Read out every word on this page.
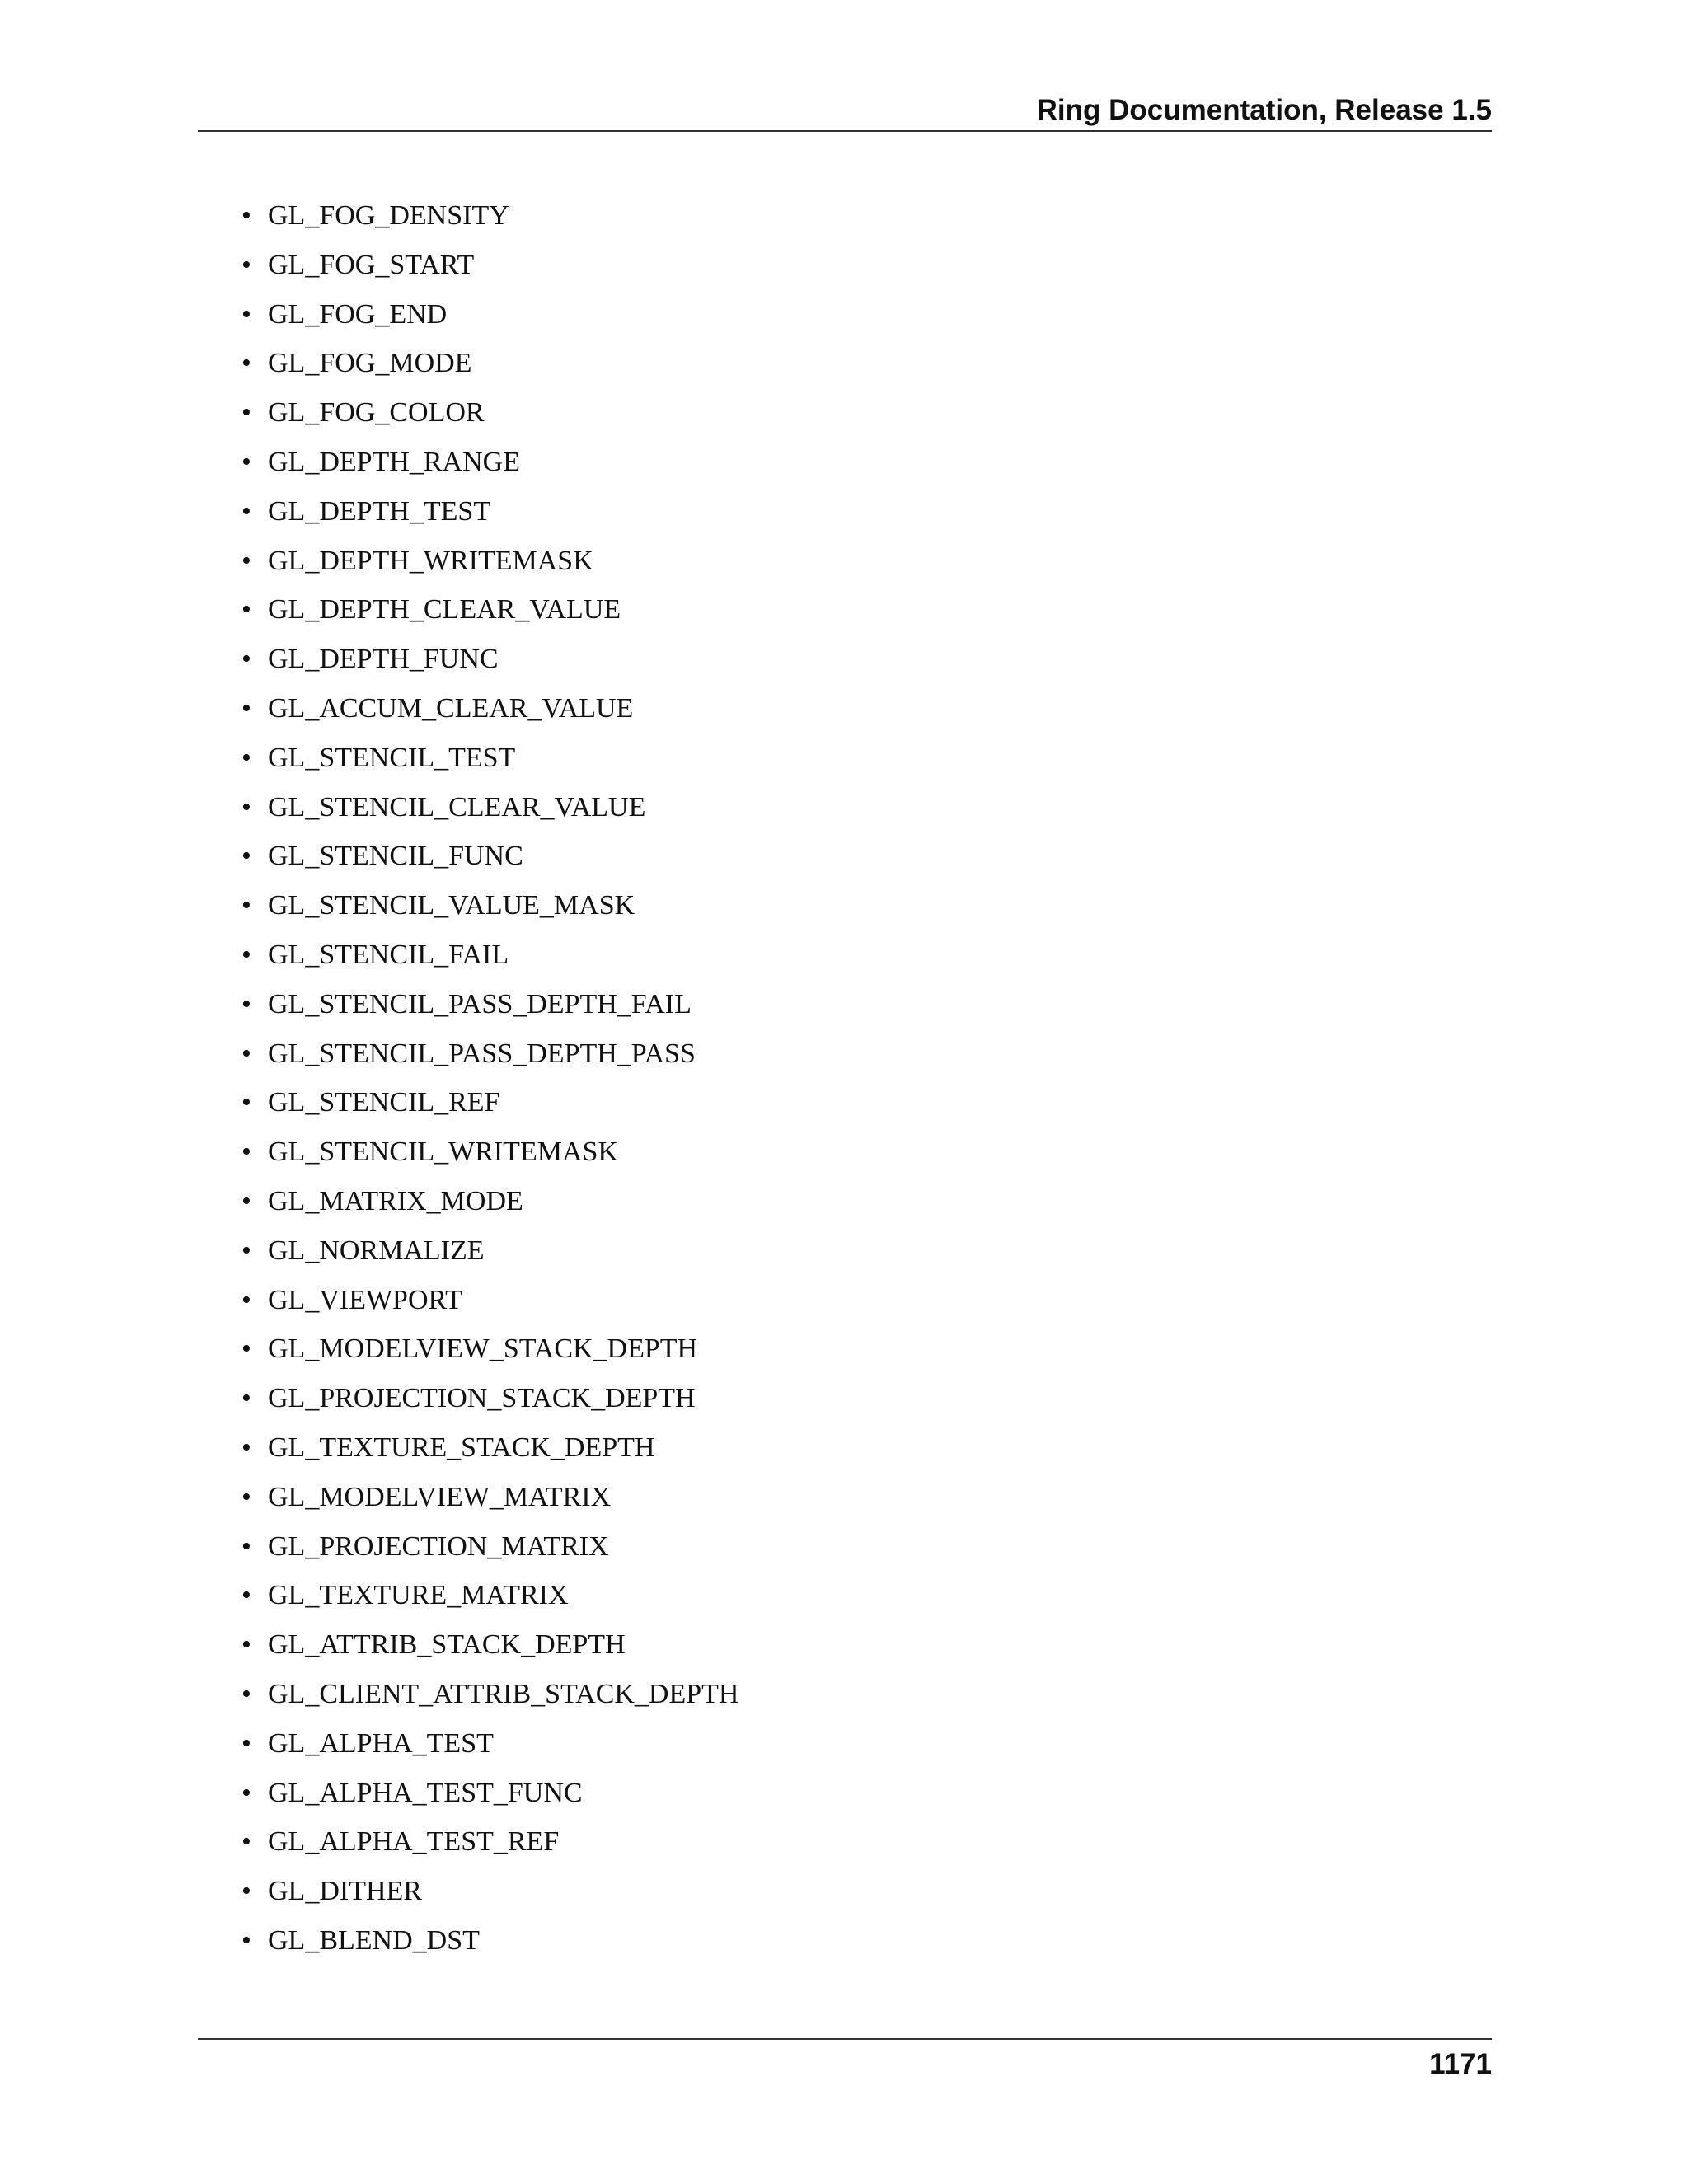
Ring Documentation, Release 1.5
• GL_FOG_DENSITY
• GL_FOG_START
• GL_FOG_END
• GL_FOG_MODE
• GL_FOG_COLOR
• GL_DEPTH_RANGE
• GL_DEPTH_TEST
• GL_DEPTH_WRITEMASK
• GL_DEPTH_CLEAR_VALUE
• GL_DEPTH_FUNC
• GL_ACCUM_CLEAR_VALUE
• GL_STENCIL_TEST
• GL_STENCIL_CLEAR_VALUE
• GL_STENCIL_FUNC
• GL_STENCIL_VALUE_MASK
• GL_STENCIL_FAIL
• GL_STENCIL_PASS_DEPTH_FAIL
• GL_STENCIL_PASS_DEPTH_PASS
• GL_STENCIL_REF
• GL_STENCIL_WRITEMASK
• GL_MATRIX_MODE
• GL_NORMALIZE
• GL_VIEWPORT
• GL_MODELVIEW_STACK_DEPTH
• GL_PROJECTION_STACK_DEPTH
• GL_TEXTURE_STACK_DEPTH
• GL_MODELVIEW_MATRIX
• GL_PROJECTION_MATRIX
• GL_TEXTURE_MATRIX
• GL_ATTRIB_STACK_DEPTH
• GL_CLIENT_ATTRIB_STACK_DEPTH
• GL_ALPHA_TEST
• GL_ALPHA_TEST_FUNC
• GL_ALPHA_TEST_REF
• GL_DITHER
• GL_BLEND_DST
1171
